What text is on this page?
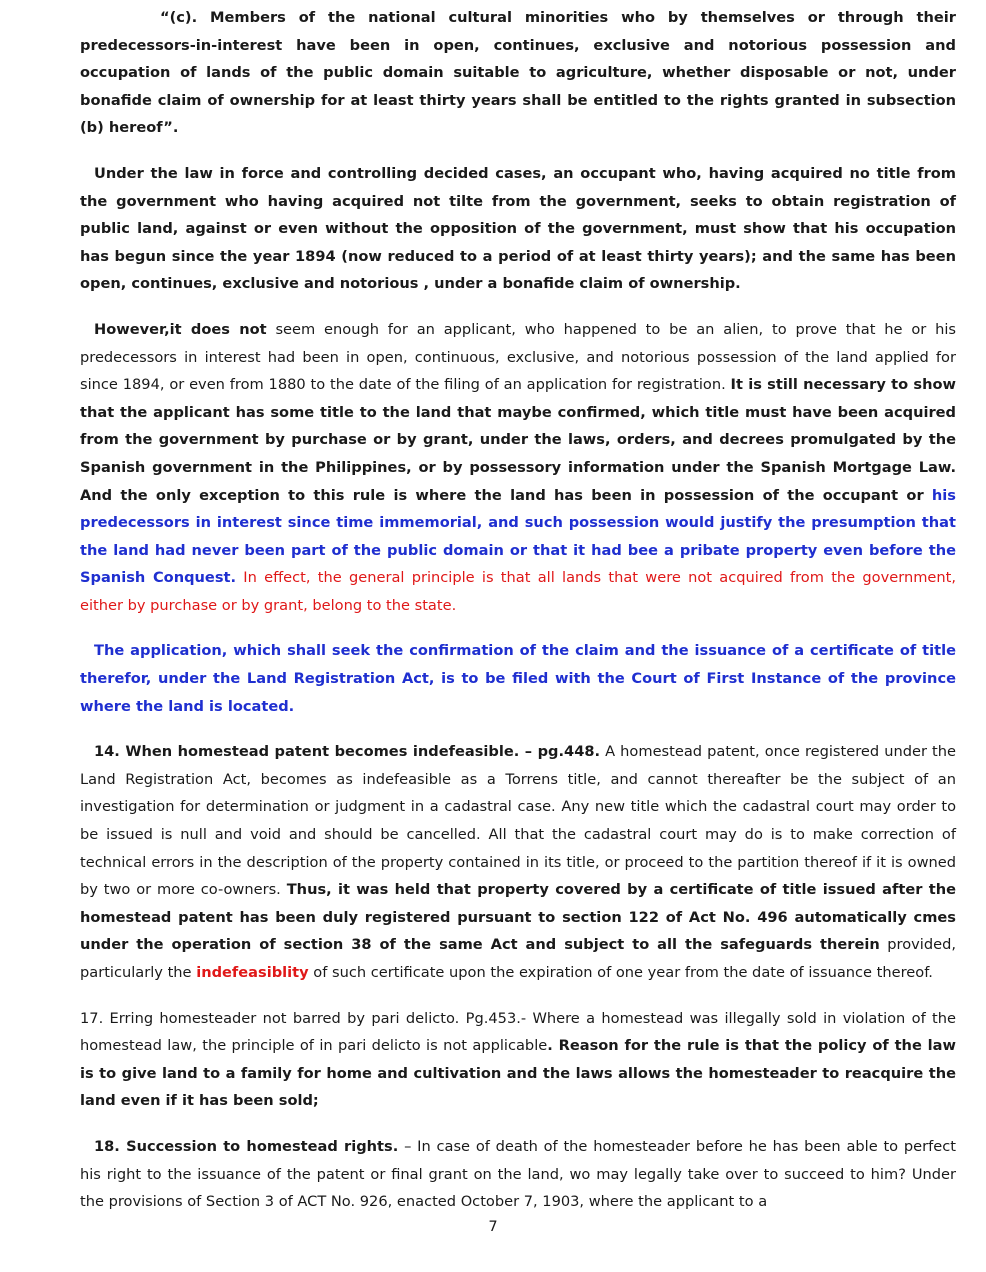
“(c). Members of the national cultural minorities who by themselves or through their predecessors-in-interest have been in open, continues, exclusive and notorious possession and occupation of lands of the public domain suitable to agriculture, whether disposable or not, under bonafide claim of ownership for at least thirty years shall be entitled to the rights granted in subsection (b) hereof”.

Under the law in force and controlling decided cases, an occupant who, having acquired no title from the government who having acquired not tilte from the government, seeks to obtain registration of public land, against or even without the opposition of the government, must show that his occupation has begun since the year 1894 (now reduced to a period of at least thirty years); and the same has been open, continues, exclusive and notorious , under a bonafide claim of ownership.

However,it does not seem enough for an applicant, who happened to be an alien, to prove that he or his predecessors in interest had been in open, continuous, exclusive, and notorious possession of the land applied for since 1894, or even from 1880 to the date of the filing of an application for registration. It is still necessary to show that the applicant has some title to the land that maybe confirmed, which title must have been acquired from the government by purchase or by grant, under the laws, orders, and decrees promulgated by the Spanish government in the Philippines, or by possessory information under the Spanish Mortgage Law. And the only exception to this rule is where the land has been in possession of the occupant or his predecessors in interest since time immemorial, and such possession would justify the presumption that the land had never been part of the public domain or that it had bee a pribate property even before the Spanish Conquest. In effect, the general principle is that all lands that were not acquired from the government, either by purchase or by grant, belong to the state.

The application, which shall seek the confirmation of the claim and the issuance of a certificate of title therefor, under the Land Registration Act, is to be filed with the Court of First Instance of the province where the land is located.

14. When homestead patent becomes indefeasible. – pg.448. A homestead patent, once registered under the Land Registration Act, becomes as indefeasible as a Torrens title, and cannot thereafter be the subject of an investigation for determination or judgment in a cadastral case. Any new title which the cadastral court may order to be issued is null and void and should be cancelled. All that the cadastral court may do is to make correction of technical errors in the description of the property contained in its title, or proceed to the partition thereof if it is owned by two or more co-owners. Thus, it was held that property covered by a certificate of title issued after the homestead patent has been duly registered pursuant to section 122 of Act No. 496 automatically cmes under the operation of section 38 of the same Act and subject to all the safeguards therein provided, particularly the indefeasiblity of such certificate upon the expiration of one year from the date of issuance thereof.

17. Erring homesteader not barred by pari delicto. Pg.453.- Where a homestead was illegally sold in violation of the homestead law, the principle of in pari delicto is not applicable. Reason for the rule is that the policy of the law is to give land to a family for home and cultivation and the laws allows the homesteader to reacquire the land even if it has been sold;

18. Succession to homestead rights. – In case of death of the homesteader before he has been able to perfect his right to the issuance of the patent or final grant on the land, wo may legally take over to succeed to him? Under the provisions of Section 3 of ACT No. 926, enacted October 7, 1903, where the applicant to a

7
